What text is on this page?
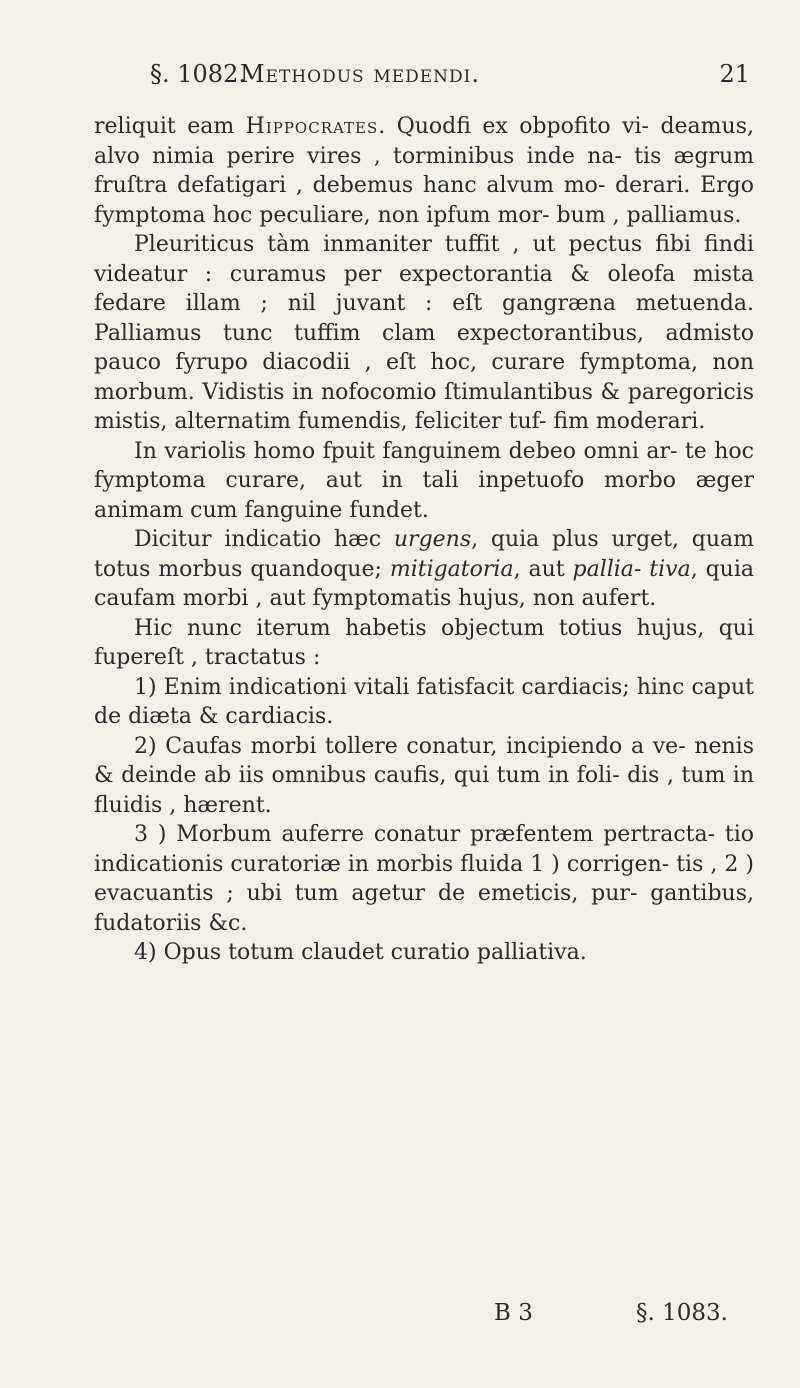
§. 1082.
Methodus medendi.	21

reliquit eam Hippocrates. Quodfi ex obpofito vi- deamus, alvo nimia perire vires , torminibus inde na- tis ægrum fruſtra defatigari , debemus hanc alvum mo- derari. Ergo fymptoma hoc peculiare, non ipfum mor- bum , palliamus.

Pleuriticus tàm inmaniter tuffit , ut pectus fibi findi videatur : curamus per expectorantia & oleofa mista fedare illam ; nil juvant : eſt gangræna metuenda. Palliamus tunc tuffim clam expectorantibus, admisto pauco fyrupo diacodii , eſt hoc, curare fymptoma, non morbum. Vidistis in nofocomio ſtimulantibus & paregoricis mistis, alternatim fumendis, feliciter tuf- fim moderari.

In variolis homo fpuit fanguinem debeo omni ar- te hoc fymptoma curare, aut in tali inpetuofo morbo æger animam cum fanguine fundet.

Dicitur indicatio hæc urgens, quia plus urget, quam totus morbus quandoque; mitigatoria, aut pallia- tiva, quia caufam morbi , aut fymptomatis hujus, non aufert.

Hic nunc iterum habetis objectum totius hujus, qui fupereſt , tractatus :

1) Enim indicationi vitali fatisfacit cardiacis; hinc caput de diæta & cardiacis.

2) Caufas morbi tollere conatur, incipiendo a ve- nenis & deinde ab iis omnibus caufis, qui tum in foli- dis , tum in fluidis , hærent.

3 ) Morbum auferre conatur præfentem pertracta- tio indicationis curatoriæ in morbis fluida 1 ) corrigen- tis , 2 ) evacuantis ; ubi tum agetur de emeticis, pur- gantibus, fudatoriis &c.

4) Opus totum claudet curatio palliativa.

B 3	§. 1083.
